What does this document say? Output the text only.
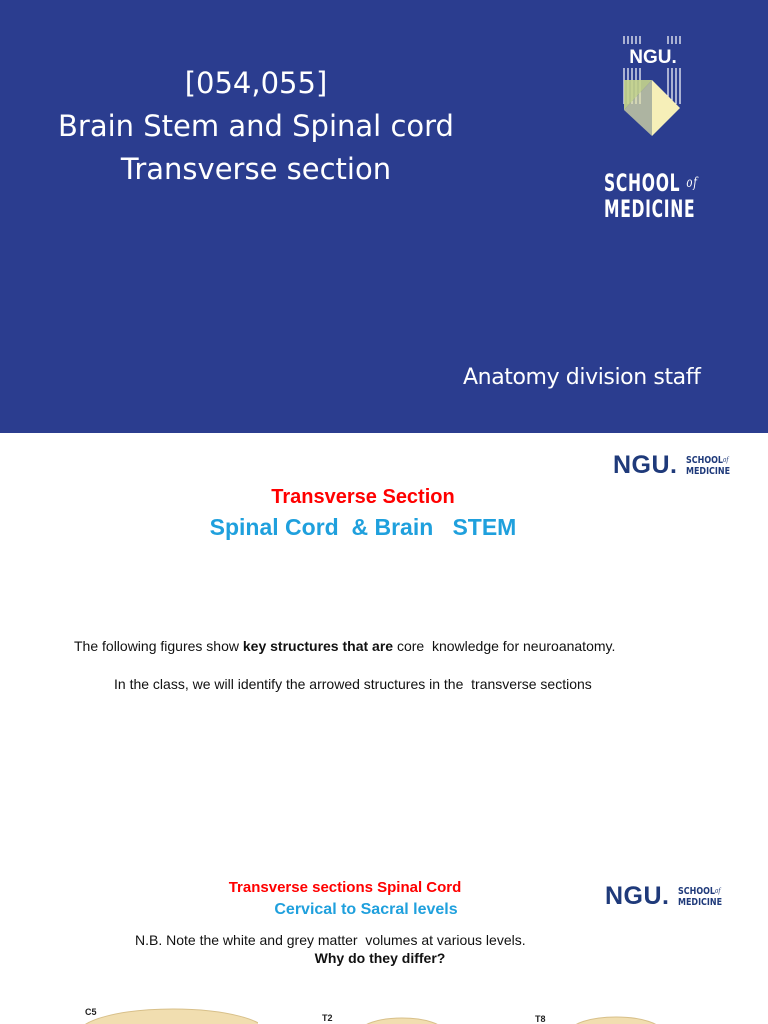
[054,055]
Brain Stem and Spinal cord
Transverse section
NGU.
SCHOOL $^{of}$
MEDICINE
Anatomy division staff
NGU. $SCHOOL^{of}$
MEDICINE
Transverse Section
Spinal Cord  & Brain   STEM
The following figures show key structures that are core  knowledge for neuroanatomy.
In the class, we will identify the arrowed structures in the  transverse sections
NGU. $SCHOOL^{of}$
MEDICINE
Transverse sections Spinal Cord
Cervical to Sacral levels
N.B. Note the white and grey matter  volumes at various levels.
Why do they differ?
C5
T2	T8
